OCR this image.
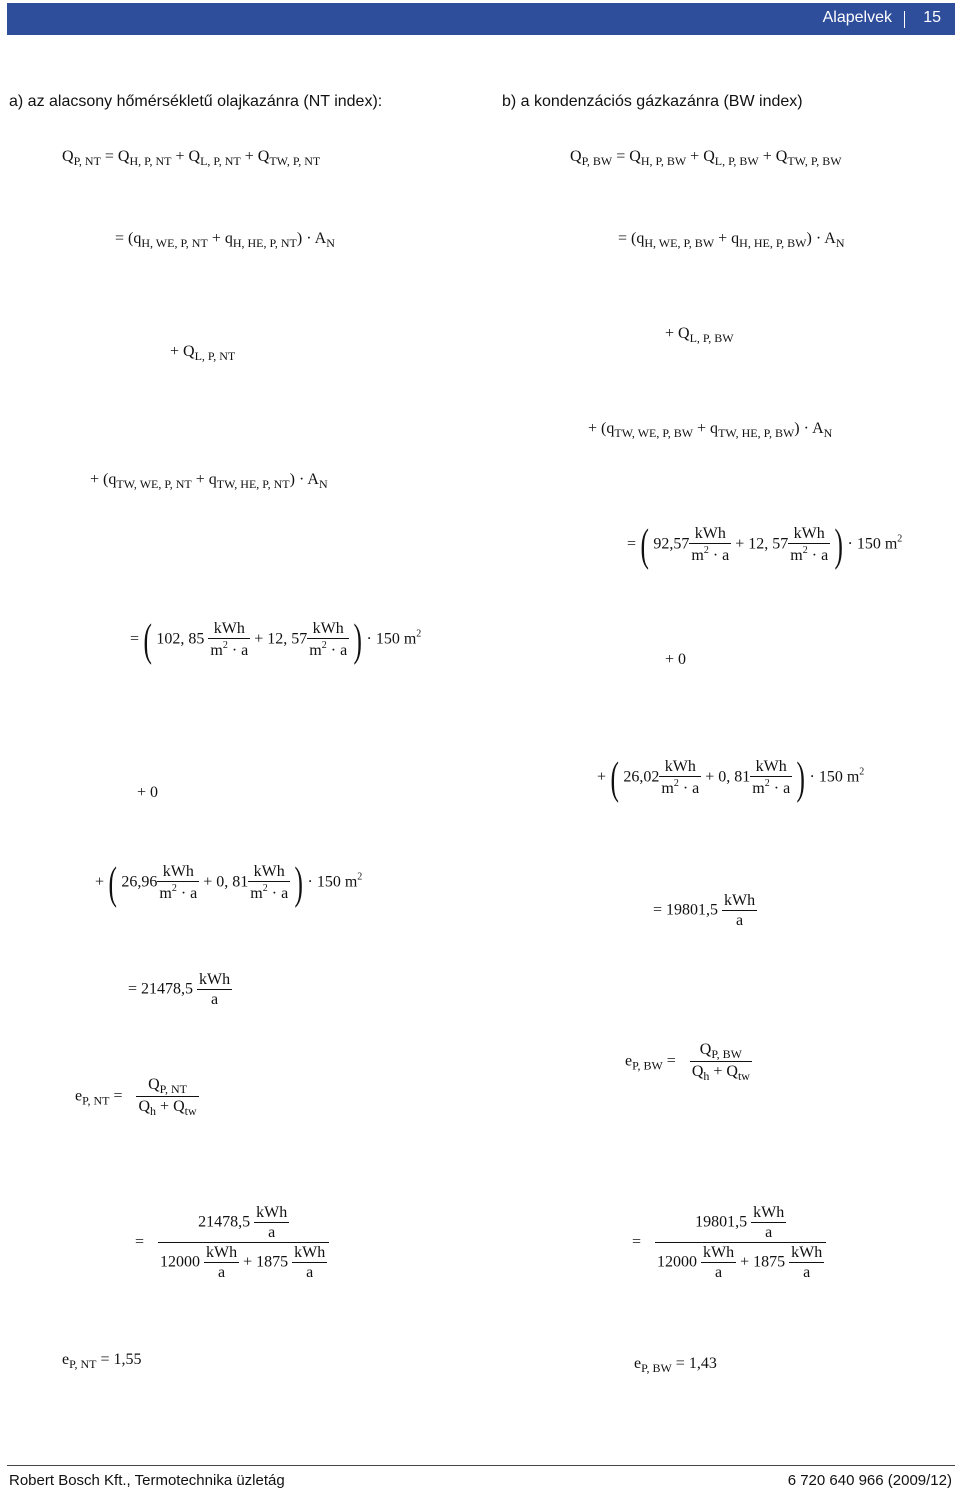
Alapelvek 15
a) az alacsony hőmérsékletű olajkazánra (NT index):	b) a kondenzációs gázkazánra (BW index)
$Q_{P, NT} = Q_{H, P, NT} + Q_{L, P, NT} + Q_{TW, P, NT}$
= $(q_{H, WE, P, NT} + q_{H, HE, P, NT}) \cdot A_N$
+ $Q_{L, P, NT}$
+ $(q_{TW, WE, P, NT} + q_{TW, HE, P, NT}) \cdot A_N$
= ( 102, $85 \frac{\text{kWh}}{m^2 \cdot a} + 12$, $57 \frac{\text{kWh}}{m^2 \cdot a}$ ) · 150 $m^2$
+ 0
+ ( $26,96 \frac{\text{kWh}}{m^2 \cdot a} + 0$, $81 \frac{\text{kWh}}{m^2 \cdot a}$ ) · 150 $m^2$
= $21478,5 \frac{\text{kWh}}{a}$
$e_{P, NT} = \frac{Q_{P, NT}}{Q_h + Q_{tw}}$
= $\frac{21478,5 \frac{\text{kWh}}{a}}{12000 \frac{\text{kWh}}{a} + 1875 \frac{\text{kWh}}{a}}$
$e_{P, NT} = 1,55$
$Q_{P, BW} = Q_{H, P, BW} + Q_{L, P, BW} + Q_{TW, P, BW}$
= $(q_{H, WE, P, BW} + q_{H, HE, P, BW}) \cdot A_N$
+ $Q_{L, P, BW}$
+ $(q_{TW, WE, P, BW} + q_{TW, HE, P, BW}) \cdot A_N$
= ( $92,57 \frac{\text{kWh}}{m^2 \cdot a} + 12$, $57 \frac{\text{kWh}}{m^2 \cdot a}$ ) · 150 $m^2$
+ 0
+ ( $26,02 \frac{\text{kWh}}{m^2 \cdot a} + 0$, $81 \frac{\text{kWh}}{m^2 \cdot a}$ ) · 150 $m^2$
= $19801,5 \frac{\text{kWh}}{a}$
$e_{P, BW} = \frac{Q_{P, BW}}{Q_h + Q_{tw}}$
= $\frac{19801,5 \frac{\text{kWh}}{a}}{12000 \frac{\text{kWh}}{a} + 1875 \frac{\text{kWh}}{a}}$
$e_{P, BW} = 1,43$
Robert Bosch Kft., Termotechnika üzletág	6 720 640 966 (2009/12)
